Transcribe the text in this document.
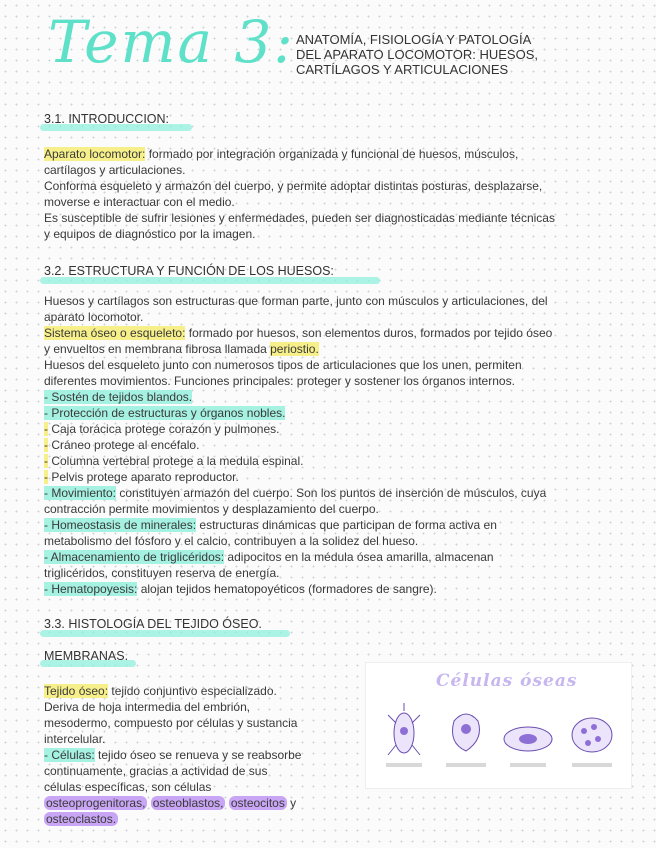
Tema 3: ANATOMÍA, FISIOLOGÍA Y PATOLOGÍA
DEL APARATO LOCOMOTOR: HUESOS,
CARTÍLAGOS Y ARTICULACIONES
3.1. INTRODUCCION:
Aparato locomotor: formado por integración organizada y funcional de huesos, músculos,
cartílagos y articulaciones.
Conforma esqueleto y armazón del cuerpo, y permite adoptar distintas posturas, desplazarse,
moverse e interactuar con el medio.
Es susceptible de sufrir lesiones y enfermedades, pueden ser diagnosticadas mediante técnicas
y equipos de diagnóstico por la imagen.
3.2. ESTRUCTURA Y FUNCIÓN DE LOS HUESOS:
Huesos y cartílagos son estructuras que forman parte, junto con músculos y articulaciones, del
aparato locomotor.
Sistema óseo o esqueleto: formado por huesos, son elementos duros, formados por tejido óseo
y envueltos en membrana fibrosa llamada periostio.
Huesos del esqueleto junto con numerosos tipos de articulaciones que los unen, permiten
diferentes movimientos. Funciones principales: proteger y sostener los órganos internos.
- Sostén de tejidos blandos.
- Protección de estructuras y órganos nobles.
- Caja torácica protege corazón y pulmones.
- Cráneo protege al encéfalo.
- Columna vertebral protege a la medula espinal.
- Pelvis protege aparato reproductor.
- Movimiento: constituyen armazón del cuerpo. Son los puntos de inserción de músculos, cuya
contracción permite movimientos y desplazamiento del cuerpo.
- Homeostasis de minerales: estructuras dinámicas que participan de forma activa en
metabolismo del fósforo y el calcio, contribuyen a la solidez del hueso.
- Almacenamiento de triglicéridos: adipocitos en la médula ósea amarilla, almacenan
triglicéridos, constituyen reserva de energía.
- Hematopoyesis: alojan tejidos hematopoyéticos (formadores de sangre).
3.3. HISTOLOGÍA DEL TEJIDO ÓSEO.
MEMBRANAS.
Tejido óseo: tejido conjuntivo especializado.
Deriva de hoja intermedia del embrión,
mesodermo, compuesto por células y sustancia
intercelular.
- Células: tejido óseo se renueva y se reabsorbe
continuamente, gracias a actividad de sus
células específicas, son células
osteoprogenitoras, osteoblastos, osteocitos y
osteoclastos.
Células óseas
